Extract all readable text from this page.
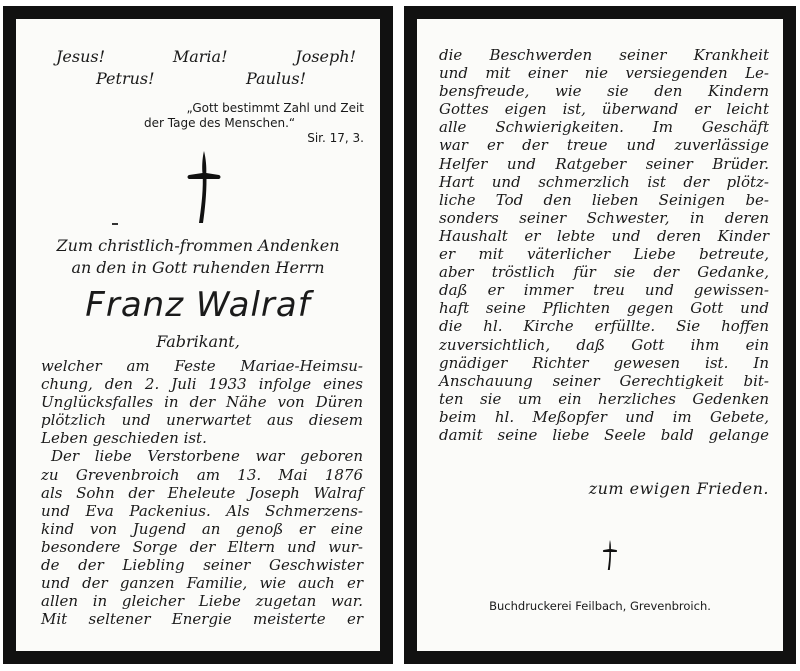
Jesus!	Maria!	Joseph!
Petrus!	Paulus!
„Gott bestimmt Zahl und Zeit
der Tage des Menschen.“
Sir. 17, 3.
Zum christlich-frommen Andenken
an den in Gott ruhenden Herrn
Franz Walraf
Fabrikant,
welcher am Feste Mariae-Heimsu-
chung, den 2. Juli 1933 infolge eines
Unglücksfalles in der Nähe von Düren
plötzlich und unerwartet aus diesem
Leben geschieden ist.
Der liebe Verstorbene war geboren
zu Grevenbroich am 13. Mai 1876
als Sohn der Eheleute Joseph Walraf
und Eva Packenius. Als Schmerzens-
kind von Jugend an genoß er eine
besondere Sorge der Eltern und wur-
de der Liebling seiner Geschwister
und der ganzen Familie, wie auch er
allen in gleicher Liebe zugetan war.
Mit seltener Energie meisterte er
die Beschwerden seiner Krankheit
und mit einer nie versiegenden Le-
bensfreude, wie sie den Kindern
Gottes eigen ist, überwand er leicht
alle Schwierigkeiten. Im Geschäft
war er der treue und zuverlässige
Helfer und Ratgeber seiner Brüder.
Hart und schmerzlich ist der plötz-
liche Tod den lieben Seinigen be-
sonders seiner Schwester, in deren
Haushalt er lebte und deren Kinder
er mit väterlicher Liebe betreute,
aber tröstlich für sie der Gedanke,
daß er immer treu und gewissen-
haft seine Pflichten gegen Gott und
die hl. Kirche erfüllte. Sie hoffen
zuversichtlich, daß Gott ihm ein
gnädiger Richter gewesen ist. In
Anschauung seiner Gerechtigkeit bit-
ten sie um ein herzliches Gedenken
beim hl. Meßopfer und im Gebete,
damit seine liebe Seele bald gelange
zum ewigen Frieden.
Buchdruckerei Feilbach, Grevenbroich.
